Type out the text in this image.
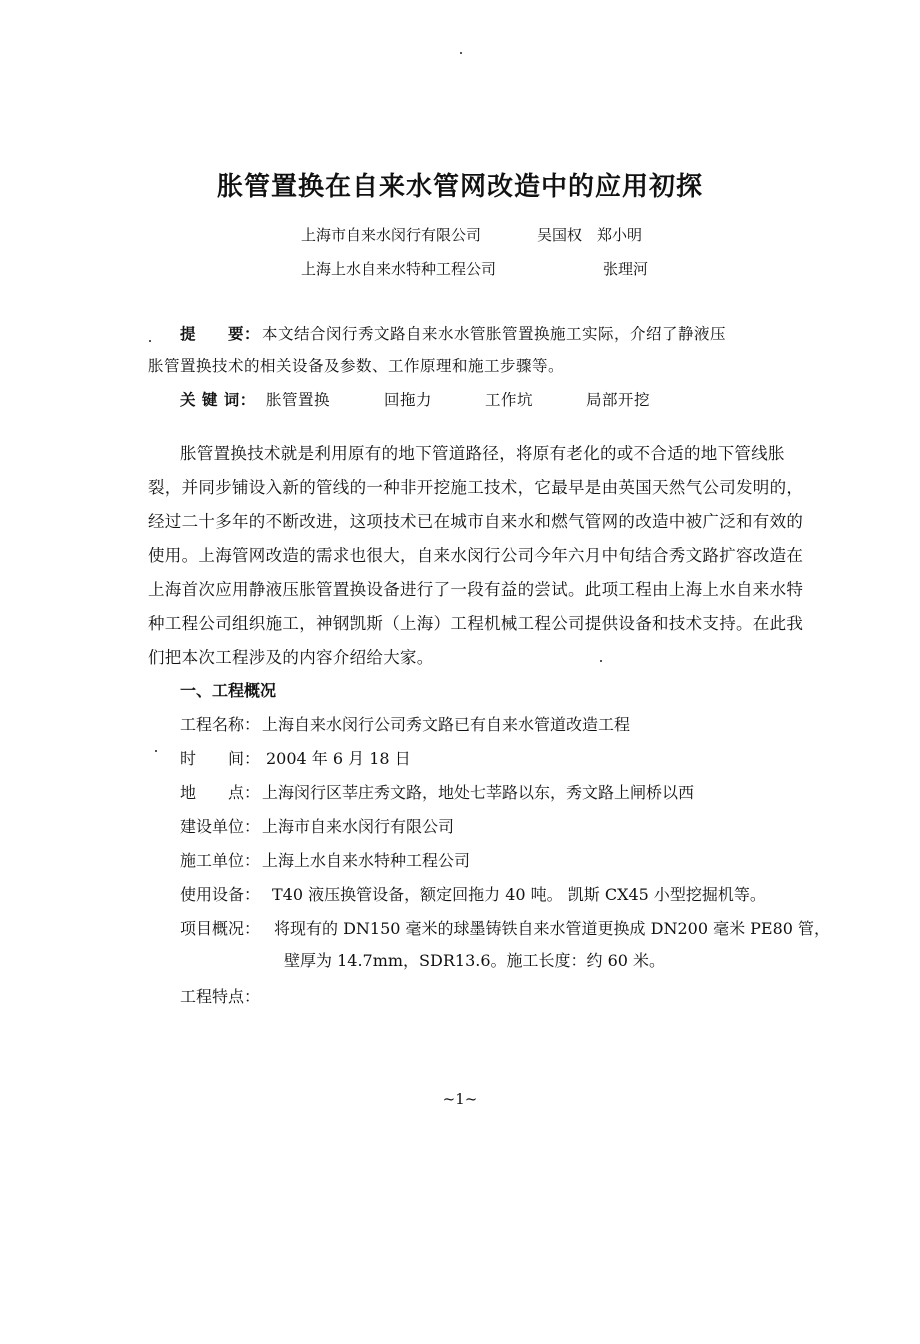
胀管置换在自来水管网改造中的应用初探
上海市自来水闵行有限公司	吴国权　郑小明
上海上水自来水特种工程公司	张理河
提　　要： 本文结合闵行秀文路自来水水管胀管置换施工实际，介绍了静液压
胀管置换技术的相关设备及参数、工作原理和施工步骤等。
关 键 词： 胀管置换	回拖力	工作坑	局部开挖
胀管置换技术就是利用原有的地下管道路径，将原有老化的或不合适的地下管线胀
裂，并同步铺设入新的管线的一种非开挖施工技术，它最早是由英国天然气公司发明的，
经过二十多年的不断改进，这项技术已在城市自来水和燃气管网的改造中被广泛和有效的
使用。上海管网改造的需求也很大，自来水闵行公司今年六月中旬结合秀文路扩容改造在
上海首次应用静液压胀管置换设备进行了一段有益的尝试。此项工程由上海上水自来水特
种工程公司组织施工，神钢凯斯（上海）工程机械工程公司提供设备和技术支持。在此我
们把本次工程涉及的内容介绍给大家。
一、工程概况
工程名称： 上海自来水闵行公司秀文路已有自来水管道改造工程
时　　间： 2004 年 6 月 18 日
地　　点： 上海闵行区莘庄秀文路，地处七莘路以东，秀文路上闸桥以西
建设单位： 上海市自来水闵行有限公司
施工单位： 上海上水自来水特种工程公司
使用设备： T40 液压换管设备，额定回拖力 40 吨。 凯斯 CX45 小型挖掘机等。
项目概况： 将现有的 DN150 毫米的球墨铸铁自来水管道更换成 DN200 毫米 PE80 管，
壁厚为 14.7mm，SDR13.6。施工长度：约 60 米。
工程特点：
~1~
